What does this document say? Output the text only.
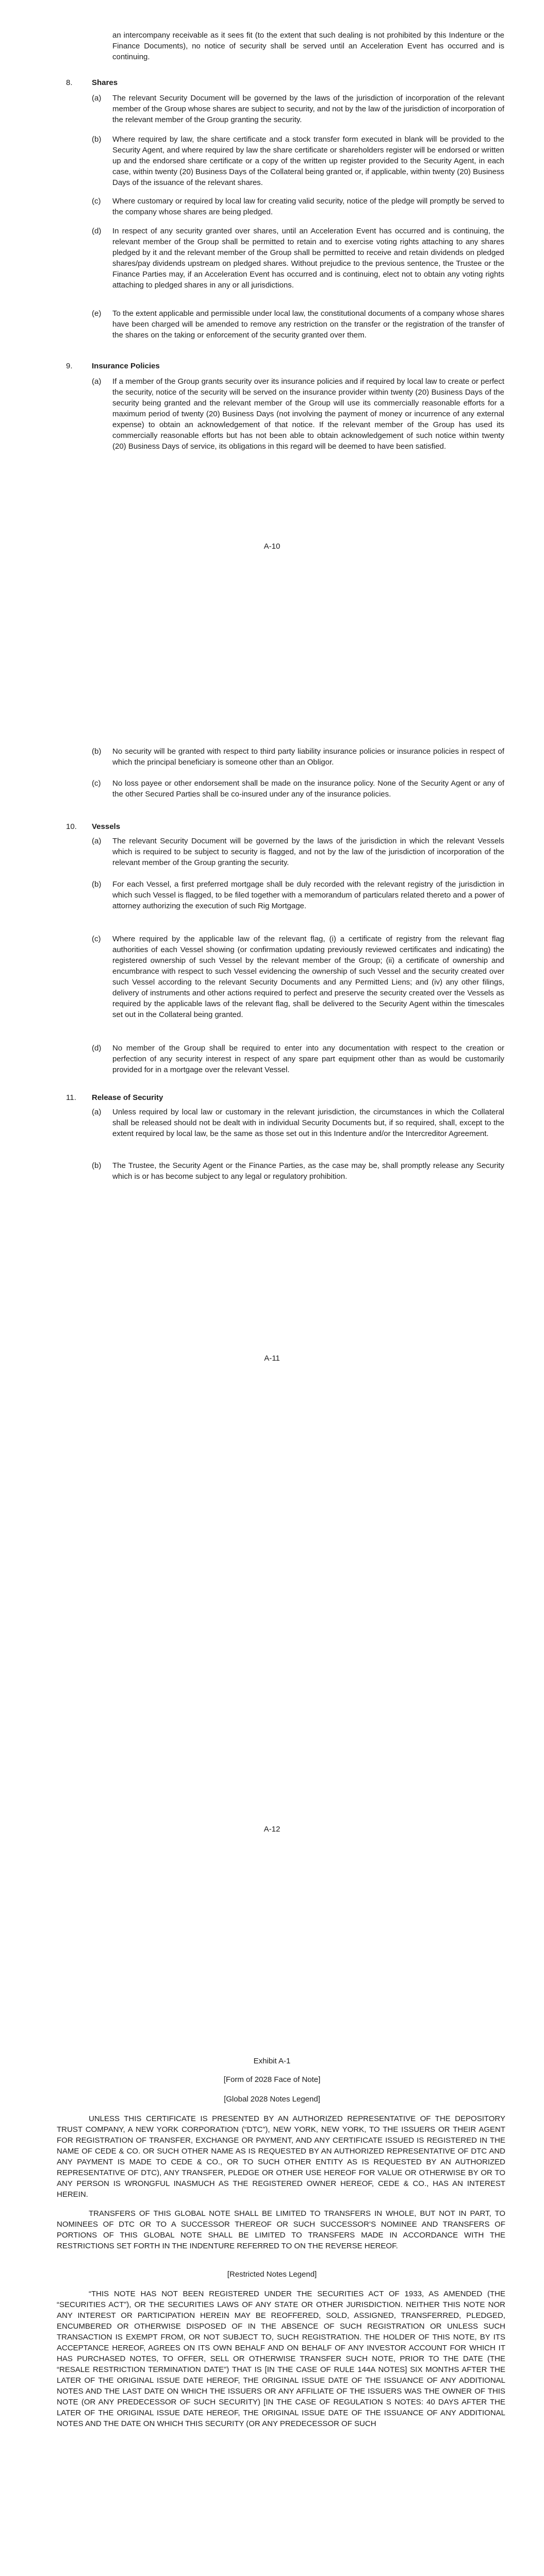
an intercompany receivable as it sees fit (to the extent that such dealing is not prohibited by this Indenture or the Finance Documents), no notice of security shall be served until an Acceleration Event has occurred and is continuing.
8. Shares
(a) The relevant Security Document will be governed by the laws of the jurisdiction of incorporation of the relevant member of the Group whose shares are subject to security, and not by the law of the jurisdiction of incorporation of the relevant member of the Group granting the security.
(b) Where required by law, the share certificate and a stock transfer form executed in blank will be provided to the Security Agent, and where required by law the share certificate or shareholders register will be endorsed or written up and the endorsed share certificate or a copy of the written up register provided to the Security Agent, in each case, within twenty (20) Business Days of the Collateral being granted or, if applicable, within twenty (20) Business Days of the issuance of the relevant shares.
(c) Where customary or required by local law for creating valid security, notice of the pledge will promptly be served to the company whose shares are being pledged.
(d) In respect of any security granted over shares, until an Acceleration Event has occurred and is continuing, the relevant member of the Group shall be permitted to retain and to exercise voting rights attaching to any shares pledged by it and the relevant member of the Group shall be permitted to receive and retain dividends on pledged shares/pay dividends upstream on pledged shares. Without prejudice to the previous sentence, the Trustee or the Finance Parties may, if an Acceleration Event has occurred and is continuing, elect not to obtain any voting rights attaching to pledged shares in any or all jurisdictions.
(e) To the extent applicable and permissible under local law, the constitutional documents of a company whose shares have been charged will be amended to remove any restriction on the transfer or the registration of the transfer of the shares on the taking or enforcement of the security granted over them.
9. Insurance Policies
(a) If a member of the Group grants security over its insurance policies and if required by local law to create or perfect the security, notice of the security will be served on the insurance provider within twenty (20) Business Days of the security being granted and the relevant member of the Group will use its commercially reasonable efforts for a maximum period of twenty (20) Business Days (not involving the payment of money or incurrence of any external expense) to obtain an acknowledgement of that notice. If the relevant member of the Group has used its commercially reasonable efforts but has not been able to obtain acknowledgement of such notice within twenty (20) Business Days of service, its obligations in this regard will be deemed to have been satisfied.
A-10
(b) No security will be granted with respect to third party liability insurance policies or insurance policies in respect of which the principal beneficiary is someone other than an Obligor.
(c) No loss payee or other endorsement shall be made on the insurance policy. None of the Security Agent or any of the other Secured Parties shall be co-insured under any of the insurance policies.
10. Vessels
(a) The relevant Security Document will be governed by the laws of the jurisdiction in which the relevant Vessels which is required to be subject to security is flagged, and not by the law of the jurisdiction of incorporation of the relevant member of the Group granting the security.
(b) For each Vessel, a first preferred mortgage shall be duly recorded with the relevant registry of the jurisdiction in which such Vessel is flagged, to be filed together with a memorandum of particulars related thereto and a power of attorney authorizing the execution of such Rig Mortgage.
(c) Where required by the applicable law of the relevant flag, (i) a certificate of registry from the relevant flag authorities of each Vessel showing (or confirmation updating previously reviewed certificates and indicating) the registered ownership of such Vessel by the relevant member of the Group; (ii) a certificate of ownership and encumbrance with respect to such Vessel evidencing the ownership of such Vessel and the security created over such Vessel according to the relevant Security Documents and any Permitted Liens; and (iv) any other filings, delivery of instruments and other actions required to perfect and preserve the security created over the Vessels as required by the applicable laws of the relevant flag, shall be delivered to the Security Agent within the timescales set out in the Collateral being granted.
(d) No member of the Group shall be required to enter into any documentation with respect to the creation or perfection of any security interest in respect of any spare part equipment other than as would be customarily provided for in a mortgage over the relevant Vessel.
11. Release of Security
(a) Unless required by local law or customary in the relevant jurisdiction, the circumstances in which the Collateral shall be released should not be dealt with in individual Security Documents but, if so required, shall, except to the extent required by local law, be the same as those set out in this Indenture and/or the Intercreditor Agreement.
(b) The Trustee, the Security Agent or the Finance Parties, as the case may be, shall promptly release any Security which is or has become subject to any legal or regulatory prohibition.
A-11
A-12
Exhibit A-1
[Form of 2028 Face of Note]
[Global 2028 Notes Legend]
UNLESS THIS CERTIFICATE IS PRESENTED BY AN AUTHORIZED REPRESENTATIVE OF THE DEPOSITORY TRUST COMPANY, A NEW YORK CORPORATION (“DTC”), NEW YORK, NEW YORK, TO THE ISSUERS OR THEIR AGENT FOR REGISTRATION OF TRANSFER, EXCHANGE OR PAYMENT, AND ANY CERTIFICATE ISSUED IS REGISTERED IN THE NAME OF CEDE & CO. OR SUCH OTHER NAME AS IS REQUESTED BY AN AUTHORIZED REPRESENTATIVE OF DTC AND ANY PAYMENT IS MADE TO CEDE & CO., OR TO SUCH OTHER ENTITY AS IS REQUESTED BY AN AUTHORIZED REPRESENTATIVE OF DTC), ANY TRANSFER, PLEDGE OR OTHER USE HEREOF FOR VALUE OR OTHERWISE BY OR TO ANY PERSON IS WRONGFUL INASMUCH AS THE REGISTERED OWNER HEREOF, CEDE & CO., HAS AN INTEREST HEREIN.
TRANSFERS OF THIS GLOBAL NOTE SHALL BE LIMITED TO TRANSFERS IN WHOLE, BUT NOT IN PART, TO NOMINEES OF DTC OR TO A SUCCESSOR THEREOF OR SUCH SUCCESSOR’S NOMINEE AND TRANSFERS OF PORTIONS OF THIS GLOBAL NOTE SHALL BE LIMITED TO TRANSFERS MADE IN ACCORDANCE WITH THE RESTRICTIONS SET FORTH IN THE INDENTURE REFERRED TO ON THE REVERSE HEREOF.
[Restricted Notes Legend]
“THIS NOTE HAS NOT BEEN REGISTERED UNDER THE SECURITIES ACT OF 1933, AS AMENDED (THE “SECURITIES ACT”), OR THE SECURITIES LAWS OF ANY STATE OR OTHER JURISDICTION. NEITHER THIS NOTE NOR ANY INTEREST OR PARTICIPATION HEREIN MAY BE REOFFERED, SOLD, ASSIGNED, TRANSFERRED, PLEDGED, ENCUMBERED OR OTHERWISE DISPOSED OF IN THE ABSENCE OF SUCH REGISTRATION OR UNLESS SUCH TRANSACTION IS EXEMPT FROM, OR NOT SUBJECT TO, SUCH REGISTRATION. THE HOLDER OF THIS NOTE, BY ITS ACCEPTANCE HEREOF, AGREES ON ITS OWN BEHALF AND ON BEHALF OF ANY INVESTOR ACCOUNT FOR WHICH IT HAS PURCHASED NOTES, TO OFFER, SELL OR OTHERWISE TRANSFER SUCH NOTE, PRIOR TO THE DATE (THE “RESALE RESTRICTION TERMINATION DATE”) THAT IS [IN THE CASE OF RULE 144A NOTES] SIX MONTHS AFTER THE LATER OF THE ORIGINAL ISSUE DATE HEREOF, THE ORIGINAL ISSUE DATE OF THE ISSUANCE OF ANY ADDITIONAL NOTES AND THE LAST DATE ON WHICH THE ISSUERS OR ANY AFFILIATE OF THE ISSUERS WAS THE OWNER OF THIS NOTE (OR ANY PREDECESSOR OF SUCH SECURITY) [IN THE CASE OF REGULATION S NOTES: 40 DAYS AFTER THE LATER OF THE ORIGINAL ISSUE DATE HEREOF, THE ORIGINAL ISSUE DATE OF THE ISSUANCE OF ANY ADDITIONAL NOTES AND THE DATE ON WHICH THIS SECURITY (OR ANY PREDECESSOR OF SUCH
